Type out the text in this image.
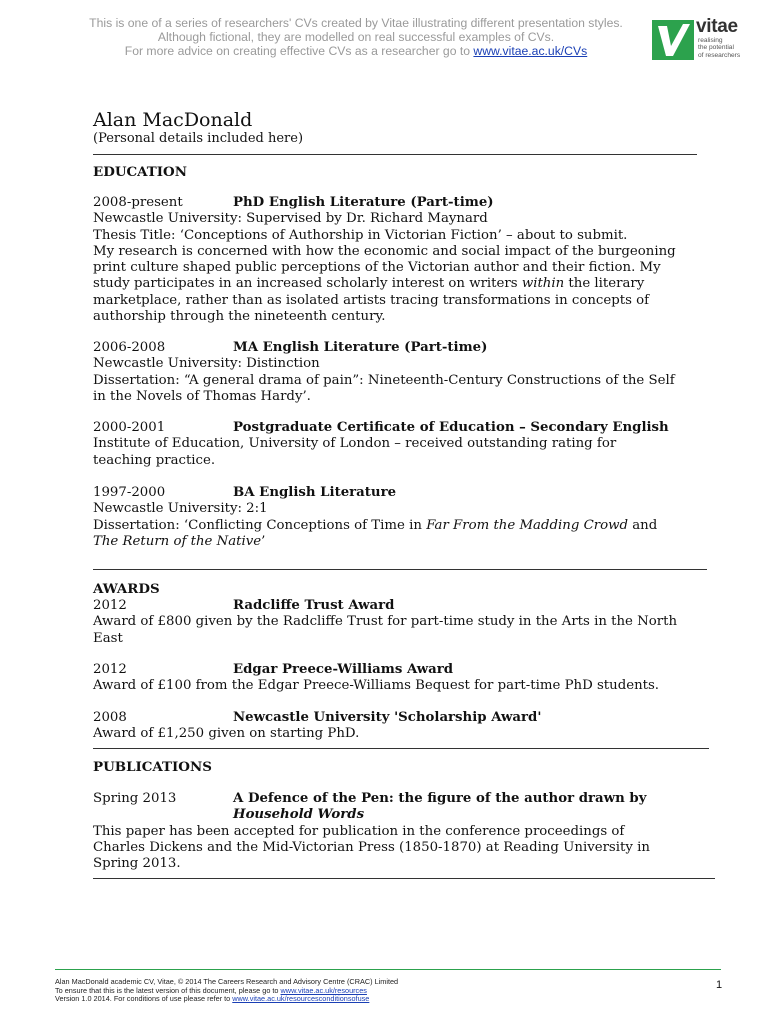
This is one of a series of researchers' CVs created by Vitae illustrating different presentation styles.
Although fictional, they are modelled on real successful examples of CVs.
For more advice on creating effective CVs as a researcher go to www.vitae.ac.uk/CVs
vitae
realising
the potential
of researchers
Alan MacDonald
(Personal details included here)
EDUCATION
2008-present	PhD English Literature (Part-time)

Newcastle University: Supervised by Dr. Richard Maynard

Thesis Title: ‘Conceptions of Authorship in Victorian Fiction’ – about to submit.

My research is concerned with how the economic and social impact of the burgeoning print culture shaped public perceptions of the Victorian author and their fiction. My study participates in an increased scholarly interest on writers within the literary marketplace, rather than as isolated artists tracing transformations in concepts of authorship through the nineteenth century.

2006-2008	MA English Literature (Part-time)

Newcastle University: Distinction

Dissertation: “A general drama of pain”: Nineteenth-Century Constructions of the Self in the Novels of Thomas Hardy’.

2000-2001	Postgraduate Certificate of Education – Secondary English

Institute of Education, University of London – received outstanding rating for teaching practice.

1997-2000	BA English Literature

Newcastle University: 2:1

Dissertation: ‘Conflicting Conceptions of Time in Far From the Madding Crowd and The Return of the Native’

AWARDS
2012	Radcliffe Trust Award

Award of £800 given by the Radcliffe Trust for part-time study in the Arts in the North East

2012	Edgar Preece-Williams Award

Award of £100 from the Edgar Preece-Williams Bequest for part-time PhD students.

2008	Newcastle University 'Scholarship Award'

Award of £1,250 given on starting PhD.

PUBLICATIONS
Spring 2013	A Defence of the Pen: the figure of the author drawn by Household Words

This paper has been accepted for publication in the conference proceedings of Charles Dickens and the Mid-Victorian Press (1850-1870) at Reading University in Spring 2013.

Alan MacDonald academic CV, Vitae, © 2014 The Careers Research and Advisory Centre (CRAC) Limited
To ensure that this is the latest version of this document, please go to www.vitae.ac.uk/resources
Version 1.0 2014. For conditions of use please refer to www.vitae.ac.uk/resourcesconditionsofuse
1
